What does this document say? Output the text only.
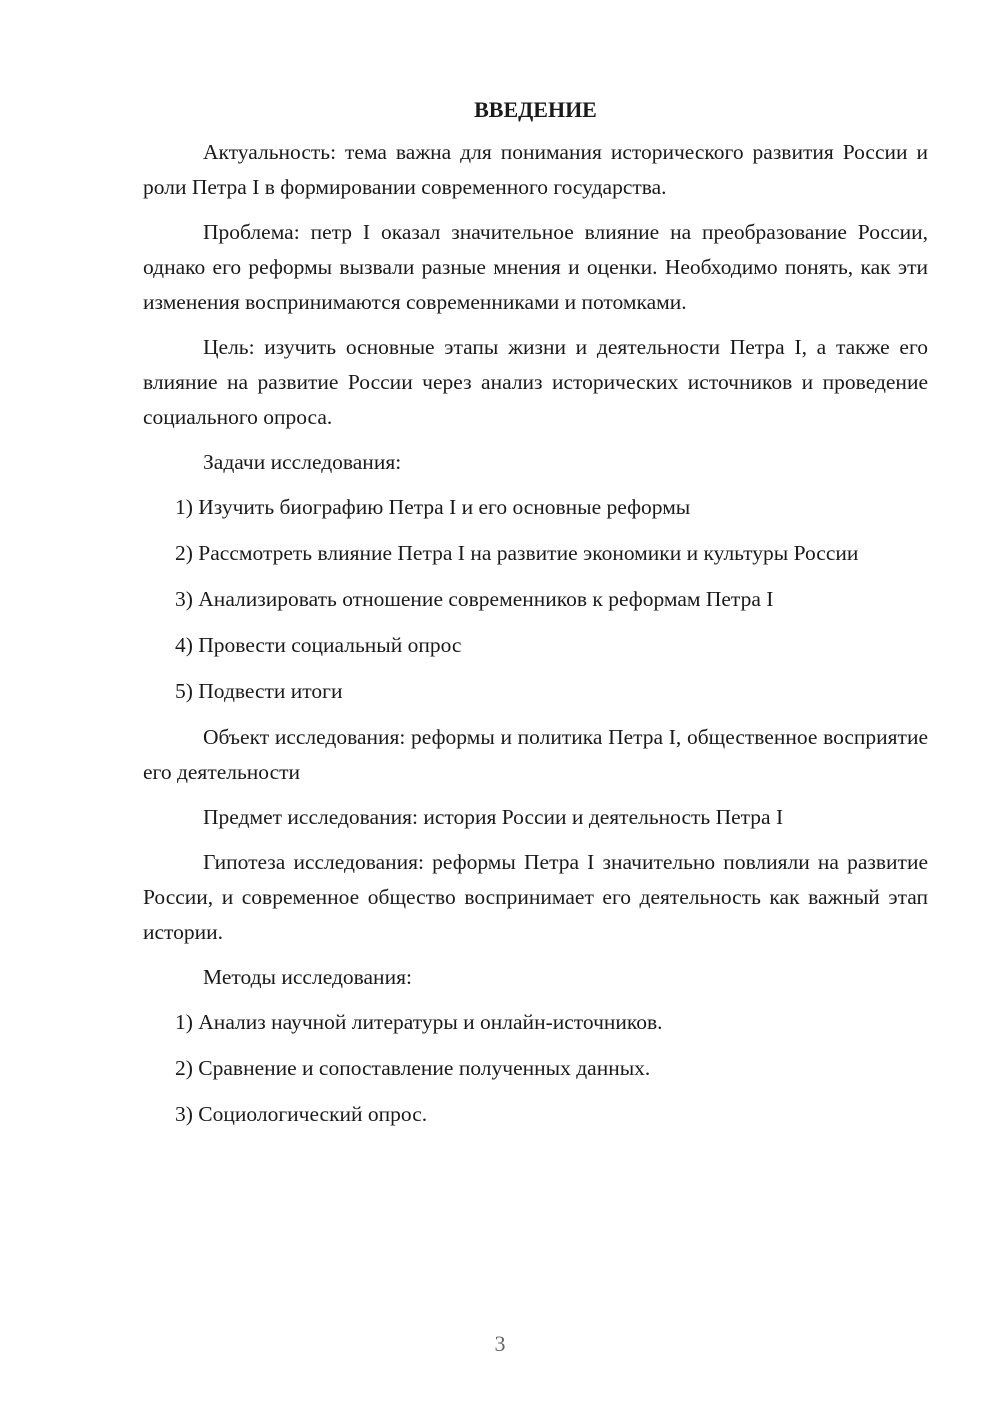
ВВЕДЕНИЕ

Актуальность: тема важна для понимания исторического развития России и роли Петра I в формировании современного государства.

Проблема: петр I оказал значительное влияние на преобразование России, однако его реформы вызвали разные мнения и оценки. Необходимо понять, как эти изменения воспринимаются современниками и потомками.

Цель: изучить основные этапы жизни и деятельности Петра I, а также его влияние на развитие России через анализ исторических источников и проведение социального опроса.

Задачи исследования:

1) Изучить биографию Петра I и его основные реформы

2) Рассмотреть влияние Петра I на развитие экономики и культуры России

3) Анализировать отношение современников к реформам Петра I

4) Провести социальный опрос

5) Подвести итоги

Объект исследования: реформы и политика Петра I, общественное восприятие его деятельности

Предмет исследования: история России и деятельность Петра I

Гипотеза исследования: реформы Петра I значительно повлияли на развитие России, и современное общество воспринимает его деятельность как важный этап истории.

Методы исследования:

1) Анализ научной литературы и онлайн-источников.

2) Сравнение и сопоставление полученных данных.

3) Социологический опрос.

3
